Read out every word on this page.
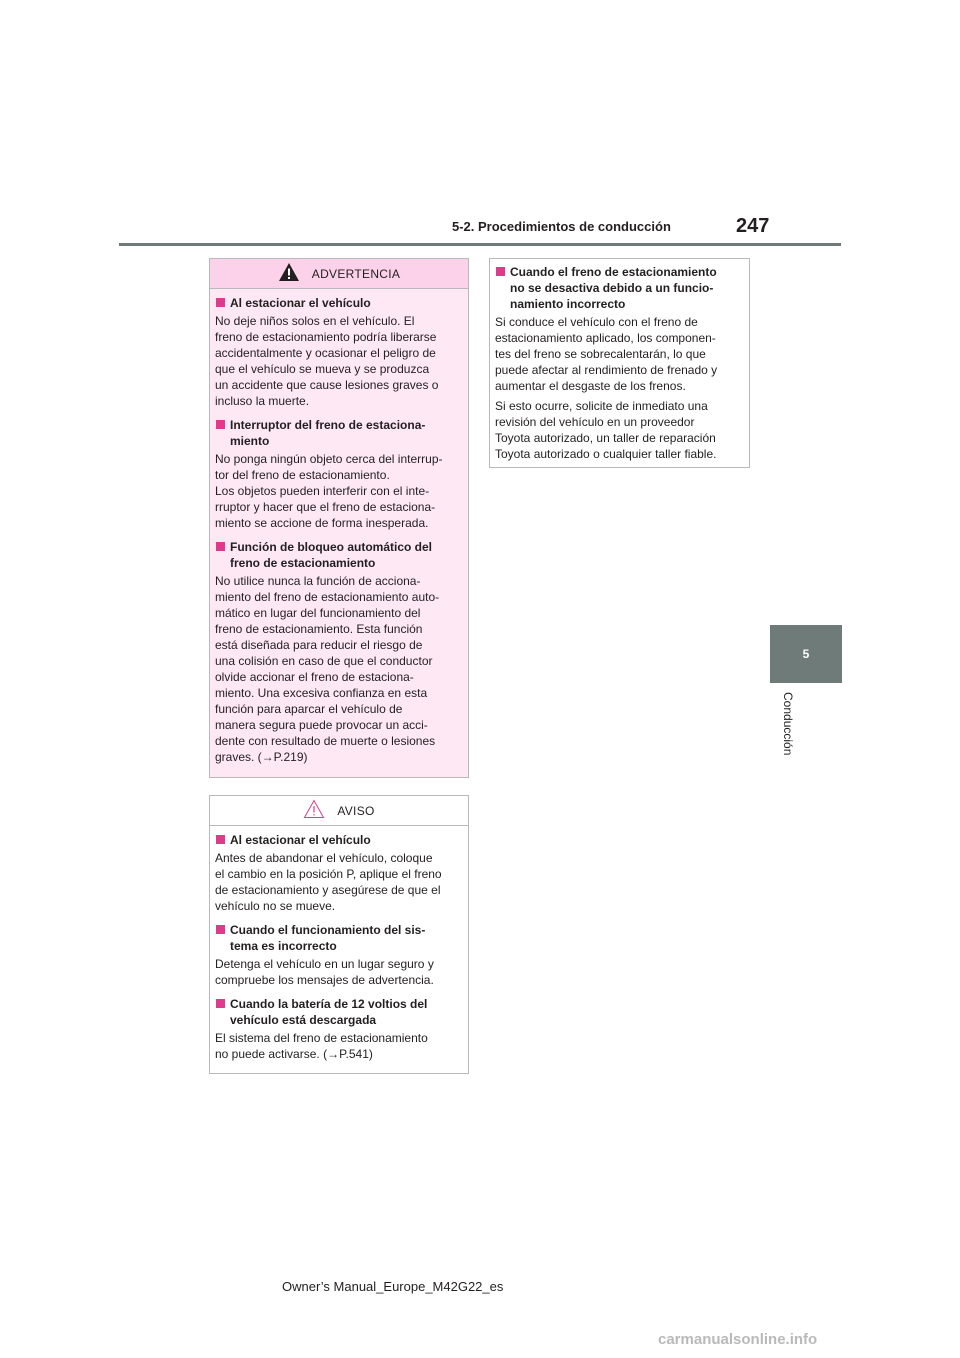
5-2. Procedimientos de conducción	247
5
Conducción
ADVERTENCIA
Al estacionar el vehículo
No deje niños solos en el vehículo. El
freno de estacionamiento podría liberarse
accidentalmente y ocasionar el peligro de
que el vehículo se mueva y se produzca
un accidente que cause lesiones graves o
incluso la muerte.
Interruptor del freno de estaciona-
miento
No ponga ningún objeto cerca del interrup-
tor del freno de estacionamiento.
Los objetos pueden interferir con el inte-
rruptor y hacer que el freno de estaciona-
miento se accione de forma inesperada.
Función de bloqueo automático del
freno de estacionamiento
No utilice nunca la función de acciona-
miento del freno de estacionamiento auto-
mático en lugar del funcionamiento del
freno de estacionamiento. Esta función
está diseñada para reducir el riesgo de
una colisión en caso de que el conductor
olvide accionar el freno de estaciona-
miento. Una excesiva confianza en esta
función para aparcar el vehículo de
manera segura puede provocar un acci-
dente con resultado de muerte o lesiones
graves. (→P.219)
AVISO
Al estacionar el vehículo
Antes de abandonar el vehículo, coloque
el cambio en la posición P, aplique el freno
de estacionamiento y asegúrese de que el
vehículo no se mueve.
Cuando el funcionamiento del sis-
tema es incorrecto
Detenga el vehículo en un lugar seguro y
compruebe los mensajes de advertencia.
Cuando la batería de 12 voltios del
vehículo está descargada
El sistema del freno de estacionamiento
no puede activarse. (→P.541)
Cuando el freno de estacionamiento
no se desactiva debido a un funcio-
namiento incorrecto
Si conduce el vehículo con el freno de
estacionamiento aplicado, los componen-
tes del freno se sobrecalentarán, lo que
puede afectar al rendimiento de frenado y
aumentar el desgaste de los frenos.
Si esto ocurre, solicite de inmediato una
revisión del vehículo en un proveedor
Toyota autorizado, un taller de reparación
Toyota autorizado o cualquier taller fiable.
Owner’s Manual_Europe_M42G22_es
carmanualsonline.info
